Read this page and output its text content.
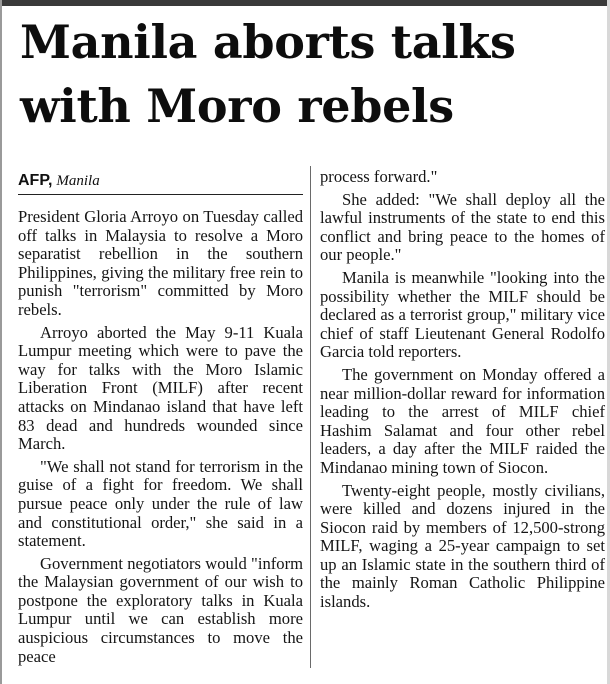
Manila aborts talks
with Moro rebels
AFP, Manila

President Gloria Arroyo on Tuesday called off talks in Malaysia to resolve a Moro separatist rebellion in the southern Philippines, giving the military free rein to punish "terrorism" committed by Moro rebels.

Arroyo aborted the May 9-11 Kuala Lumpur meeting which were to pave the way for talks with the Moro Islamic Liberation Front (MILF) after recent attacks on Mindanao island that have left 83 dead and hundreds wounded since March.

"We shall not stand for terrorism in the guise of a fight for freedom. We shall pursue peace only under the rule of law and constitutional order," she said in a statement.

Government negotiators would "inform the Malaysian government of our wish to postpone the exploratory talks in Kuala Lumpur until we can establish more auspicious circumstances to move the peace

process forward."

She added: "We shall deploy all the lawful instruments of the state to end this conflict and bring peace to the homes of our people."

Manila is meanwhile "looking into the possibility whether the MILF should be declared as a terrorist group," military vice chief of staff Lieutenant General Rodolfo Garcia told reporters.

The government on Monday offered a near million-dollar reward for information leading to the arrest of MILF chief Hashim Salamat and four other rebel leaders, a day after the MILF raided the Mindanao mining town of Siocon.

Twenty-eight people, mostly civilians, were killed and dozens injured in the Siocon raid by members of 12,500-strong MILF, waging a 25-year campaign to set up an Islamic state in the southern third of the mainly Roman Catholic Philippine islands.
